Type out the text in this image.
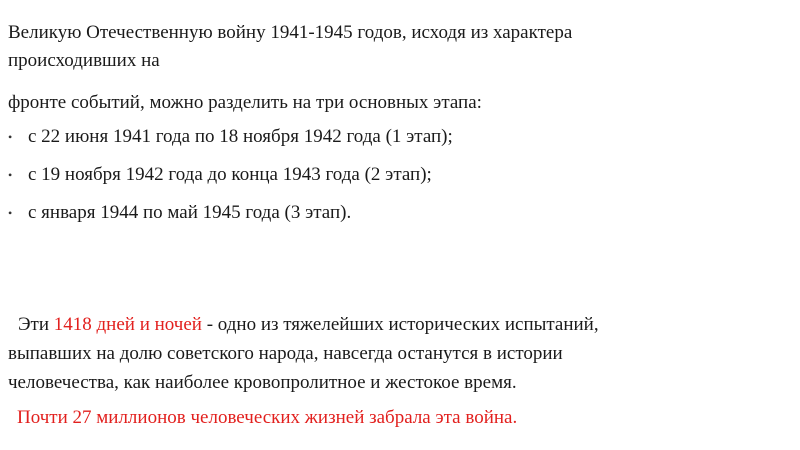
Великую Отечественную войну 1941-1945 годов, исходя из характера
происходивших на
фронте событий, можно разделить на три основных этапа:
• с 22 июня 1941 года по 18 ноября 1942 года (1 этап);
• с 19 ноября 1942 года до конца 1943 года (2 этап);
• с января 1944 по май 1945 года (3 этап).
Эти 1418 дней и ночей - одно из тяжелейших исторических испытаний,
выпавших на долю советского народа, навсегда останутся в истории
человечества, как наиболее кровопролитное и жестокое время.
Почти 27 миллионов человеческих жизней забрала эта война.
